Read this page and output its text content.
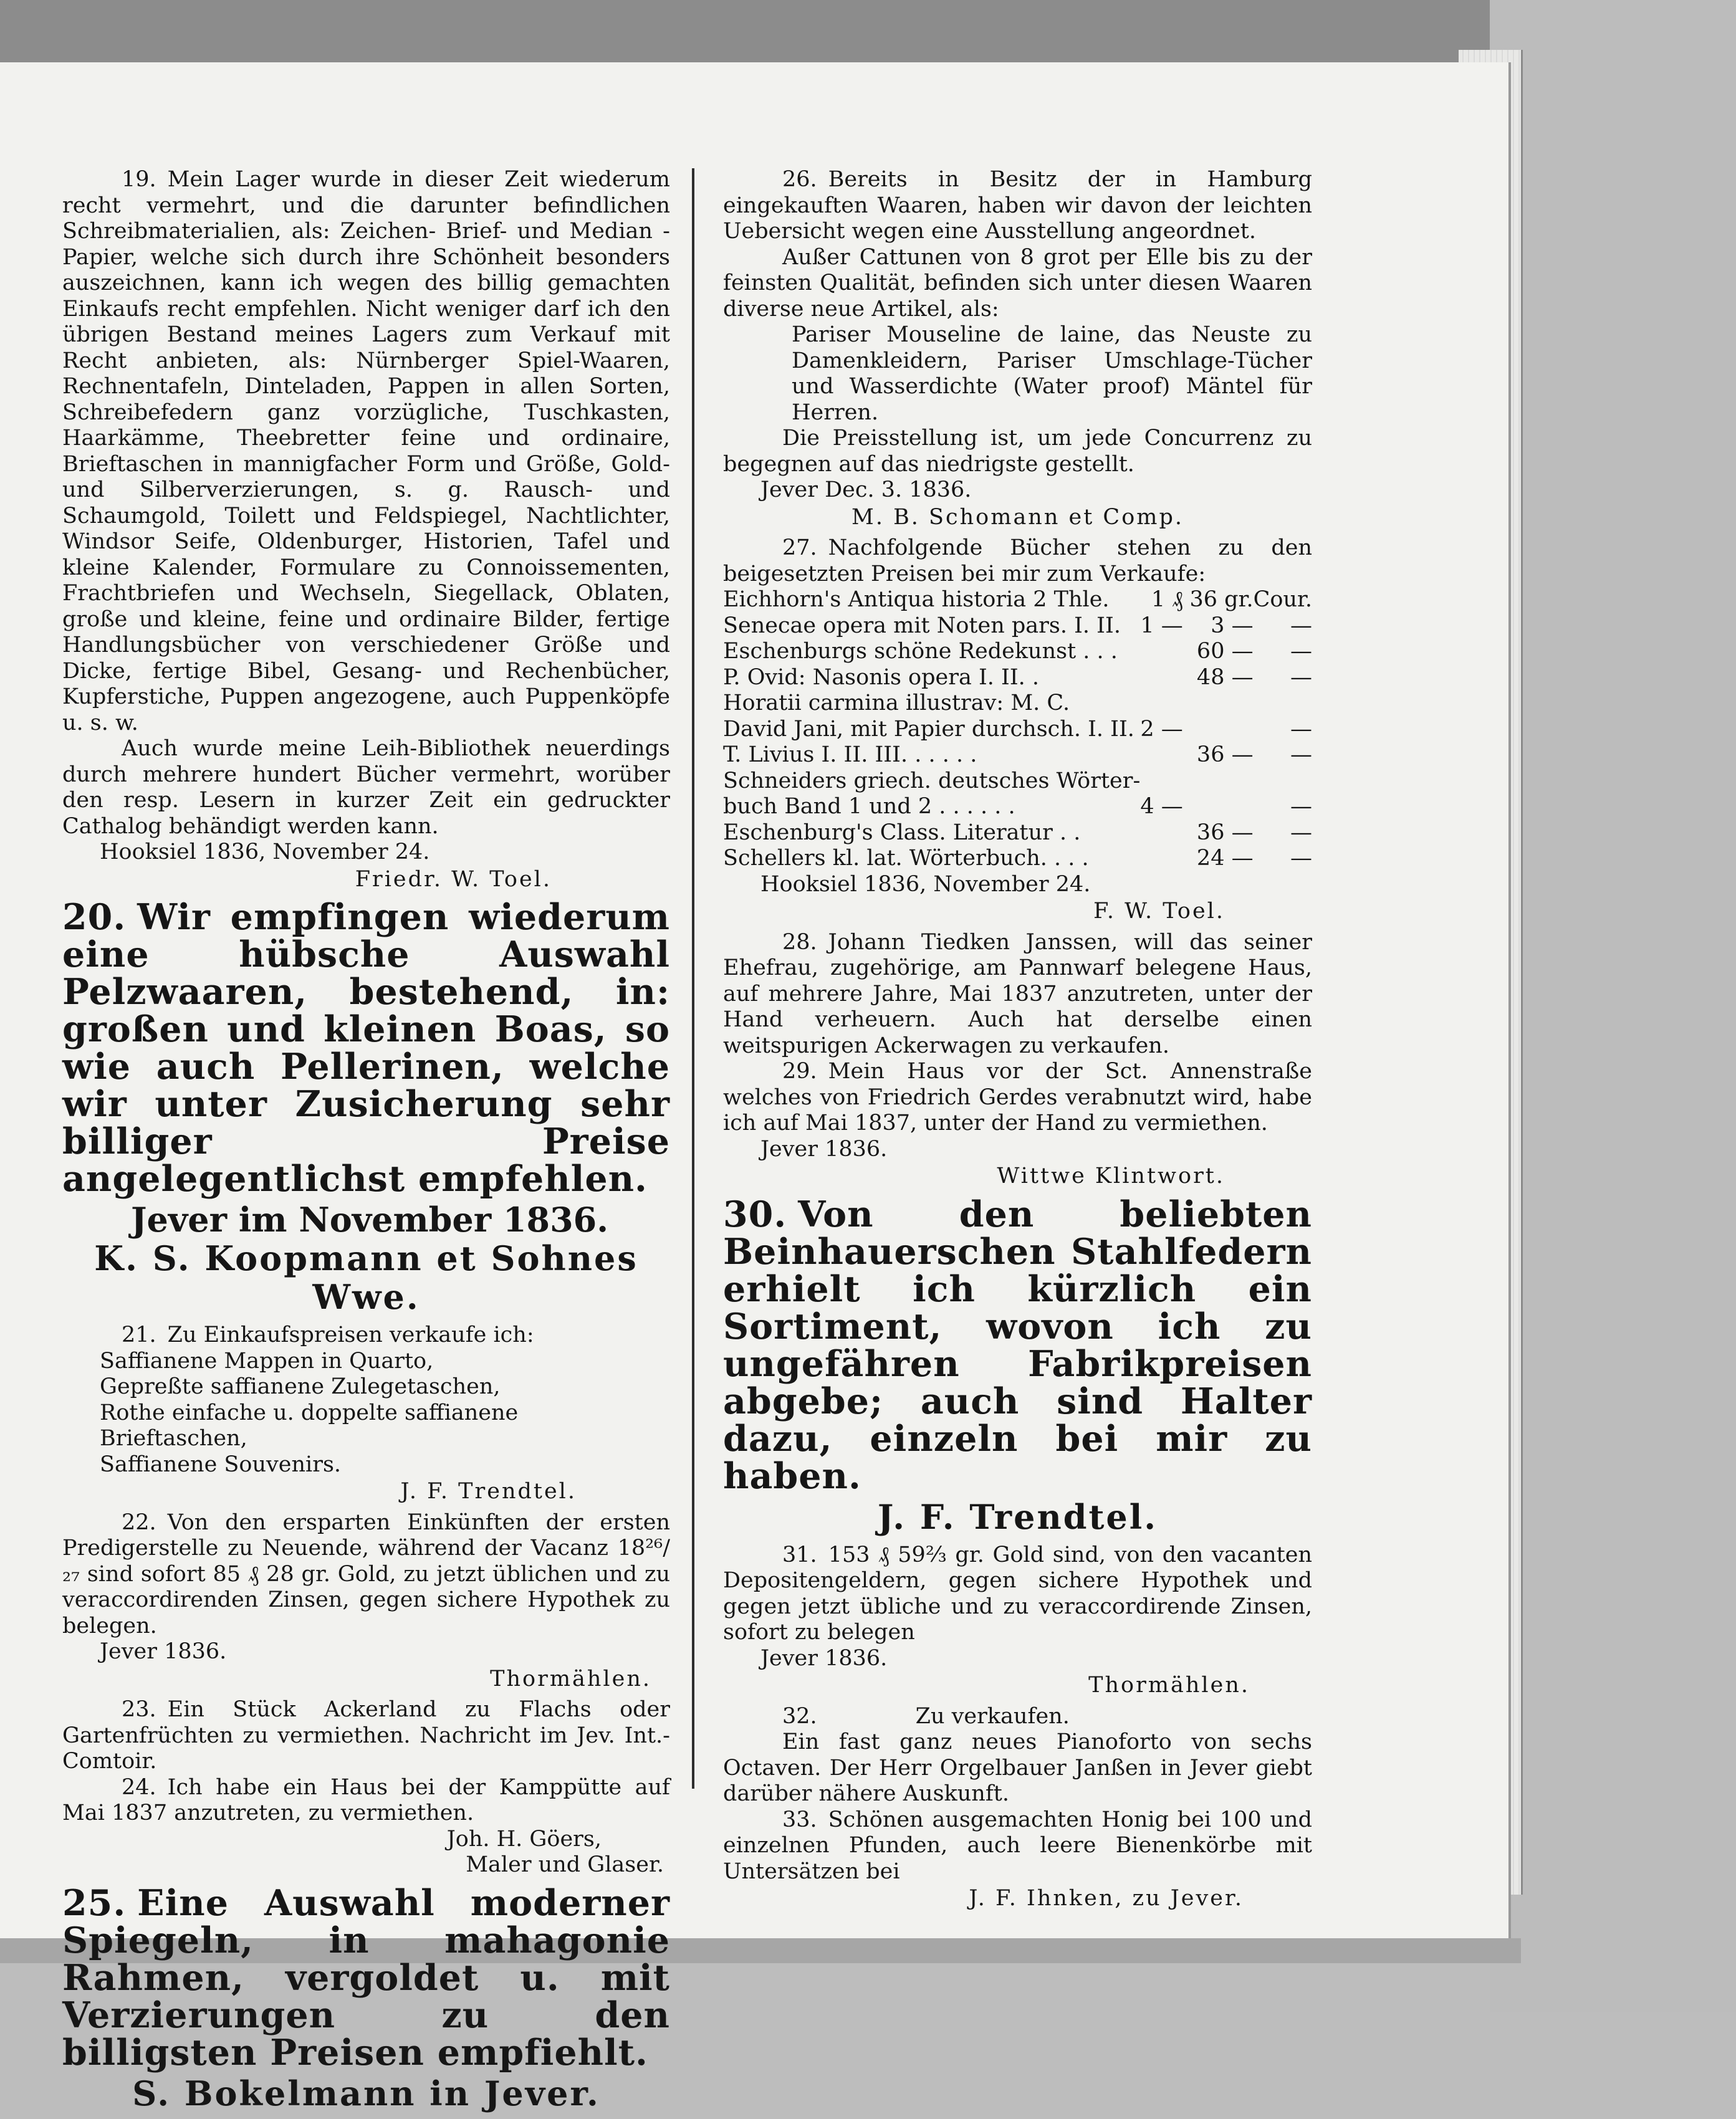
19. Mein Lager wurde in dieser Zeit wiederum recht vermehrt, und die darunter befindlichen Schreibmaterialien, als: Zeichen- Brief- und Median - Papier, welche sich durch ihre Schönheit besonders auszeichnen, kann ich wegen des billig gemachten Einkaufs recht empfehlen. Nicht weniger darf ich den übrigen Bestand meines Lagers zum Verkauf mit Recht anbieten, als: Nürnberger Spiel-Waaren, Rechnentafeln, Dinteladen, Pappen in allen Sorten, Schreibefedern ganz vorzügliche, Tuschkasten, Haarkämme, Theebretter feine und ordinaire, Brieftaschen in mannigfacher Form und Größe, Gold- und Silberverzierungen, s. g. Rausch- und Schaumgold, Toilett und Feldspiegel, Nachtlichter, Windsor Seife, Oldenburger, Historien, Tafel und kleine Kalender, Formulare zu Connoissementen, Frachtbriefen und Wechseln, Siegellack, Oblaten, große und kleine, feine und ordinaire Bilder, fertige Handlungsbücher von verschiedener Größe und Dicke, fertige Bibel, Gesang- und Rechenbücher, Kupferstiche, Puppen angezogene, auch Puppenköpfe u. s. w.

Auch wurde meine Leih-Bibliothek neuerdings durch mehrere hundert Bücher vermehrt, worüber den resp. Lesern in kurzer Zeit ein gedruckter Cathalog behändigt werden kann.

Hooksiel 1836, November 24.

Friedr. W. Toel.

20. Wir empfingen wiederum eine hübsche Auswahl Pelzwaaren, bestehend, in: großen und kleinen Boas, so wie auch Pellerinen, welche wir unter Zusicherung sehr billiger Preise angelegentlichst empfehlen.

Jever im November 1836.

K. S. Koopmann et Sohnes Wwe.

21. Zu Einkaufspreisen verkaufe ich:

Saffianene Mappen in Quarto,

Gepreßte saffianene Zulegetaschen,

Rothe einfache u. doppelte saffianene Brieftaschen,

Saffianene Souvenirs.

J. F. Trendtel.

22. Von den ersparten Einkünften der ersten Predigerstelle zu Neuende, während der Vacanz 18²⁶/₂₇ sind sofort 85 ₰ 28 gr. Gold, zu jetzt üblichen und zu veraccordirenden Zinsen, gegen sichere Hypothek zu belegen.

Jever 1836.

Thormählen.

23. Ein Stück Ackerland zu Flachs oder Gartenfrüchten zu vermiethen. Nachricht im Jev. Int.-Comtoir.

24. Ich habe ein Haus bei der Kamppütte auf Mai 1837 anzutreten, zu vermiethen.

Joh. H. Göers,

Maler und Glaser.

25. Eine Auswahl moderner Spiegeln, in mahagonie Rahmen, vergoldet u. mit Verzierungen zu den billigsten Preisen empfiehlt.

S. Bokelmann in Jever.

26. Bereits in Besitz der in Hamburg eingekauften Waaren, haben wir davon der leichten Uebersicht wegen eine Ausstellung angeordnet.

Außer Cattunen von 8 grot per Elle bis zu der feinsten Qualität, befinden sich unter diesen Waaren diverse neue Artikel, als:

Pariser Mouseline de laine, das Neuste zu Damenkleidern, Pariser Umschlage-Tücher und Wasserdichte (Water proof) Mäntel für Herren.

Die Preisstellung ist, um jede Concurrenz zu begegnen auf das niedrigste gestellt.

Jever Dec. 3. 1836.

M. B. Schomann et Comp.

27. Nachfolgende Bücher stehen zu den beigesetzten Preisen bei mir zum Verkaufe:

Eichhorn's Antiqua historia 2 Thle.	1 ₰	36 gr.	Cour.
Senecae opera mit Noten pars. I. II.	1 —	3 —	—
Eschenburgs schöne Redekunst . . .		60 —	—
P. Ovid: Nasonis opera I. II. .		48 —	—
Horatii carmina illustrav: M. C.			
David Jani, mit Papier durchsch. I. II.	2 —		—
T. Livius I. II. III. . . . . .		36 —	—
Schneiders griech. deutsches Wörter-			
buch Band 1 und 2 . . . . . .	4 —		—
Eschenburg's Class. Literatur . .		36 —	—
Schellers kl. lat. Wörterbuch. . . .		24 —	—

Hooksiel 1836, November 24.

F. W. Toel.

28. Johann Tiedken Janssen, will das seiner Ehefrau, zugehörige, am Pannwarf belegene Haus, auf mehrere Jahre, Mai 1837 anzutreten, unter der Hand verheuern. Auch hat derselbe einen weitspurigen Ackerwagen zu verkaufen.

29. Mein Haus vor der Sct. Annenstraße welches von Friedrich Gerdes verabnutzt wird, habe ich auf Mai 1837, unter der Hand zu vermiethen.

Jever 1836.

Wittwe Klintwort.

30. Von den beliebten Beinhauerschen Stahlfedern erhielt ich kürzlich ein Sortiment, wovon ich zu ungefähren Fabrikpreisen abgebe; auch sind Halter dazu, einzeln bei mir zu haben.

J. F. Trendtel.

31. 153 ₰ 59⅔ gr. Gold sind, von den vacanten Depositengeldern, gegen sichere Hypothek und gegen jetzt übliche und zu veraccordirende Zinsen, sofort zu belegen

Jever 1836.

Thormählen.

32.	Zu verkaufen.

Ein fast ganz neues Pianoforto von sechs Octaven. Der Herr Orgelbauer Janßen in Jever giebt darüber nähere Auskunft.

33. Schönen ausgemachten Honig bei 100 und einzelnen Pfunden, auch leere Bienenkörbe mit Untersätzen bei

J. F. Ihnken, zu Jever.
